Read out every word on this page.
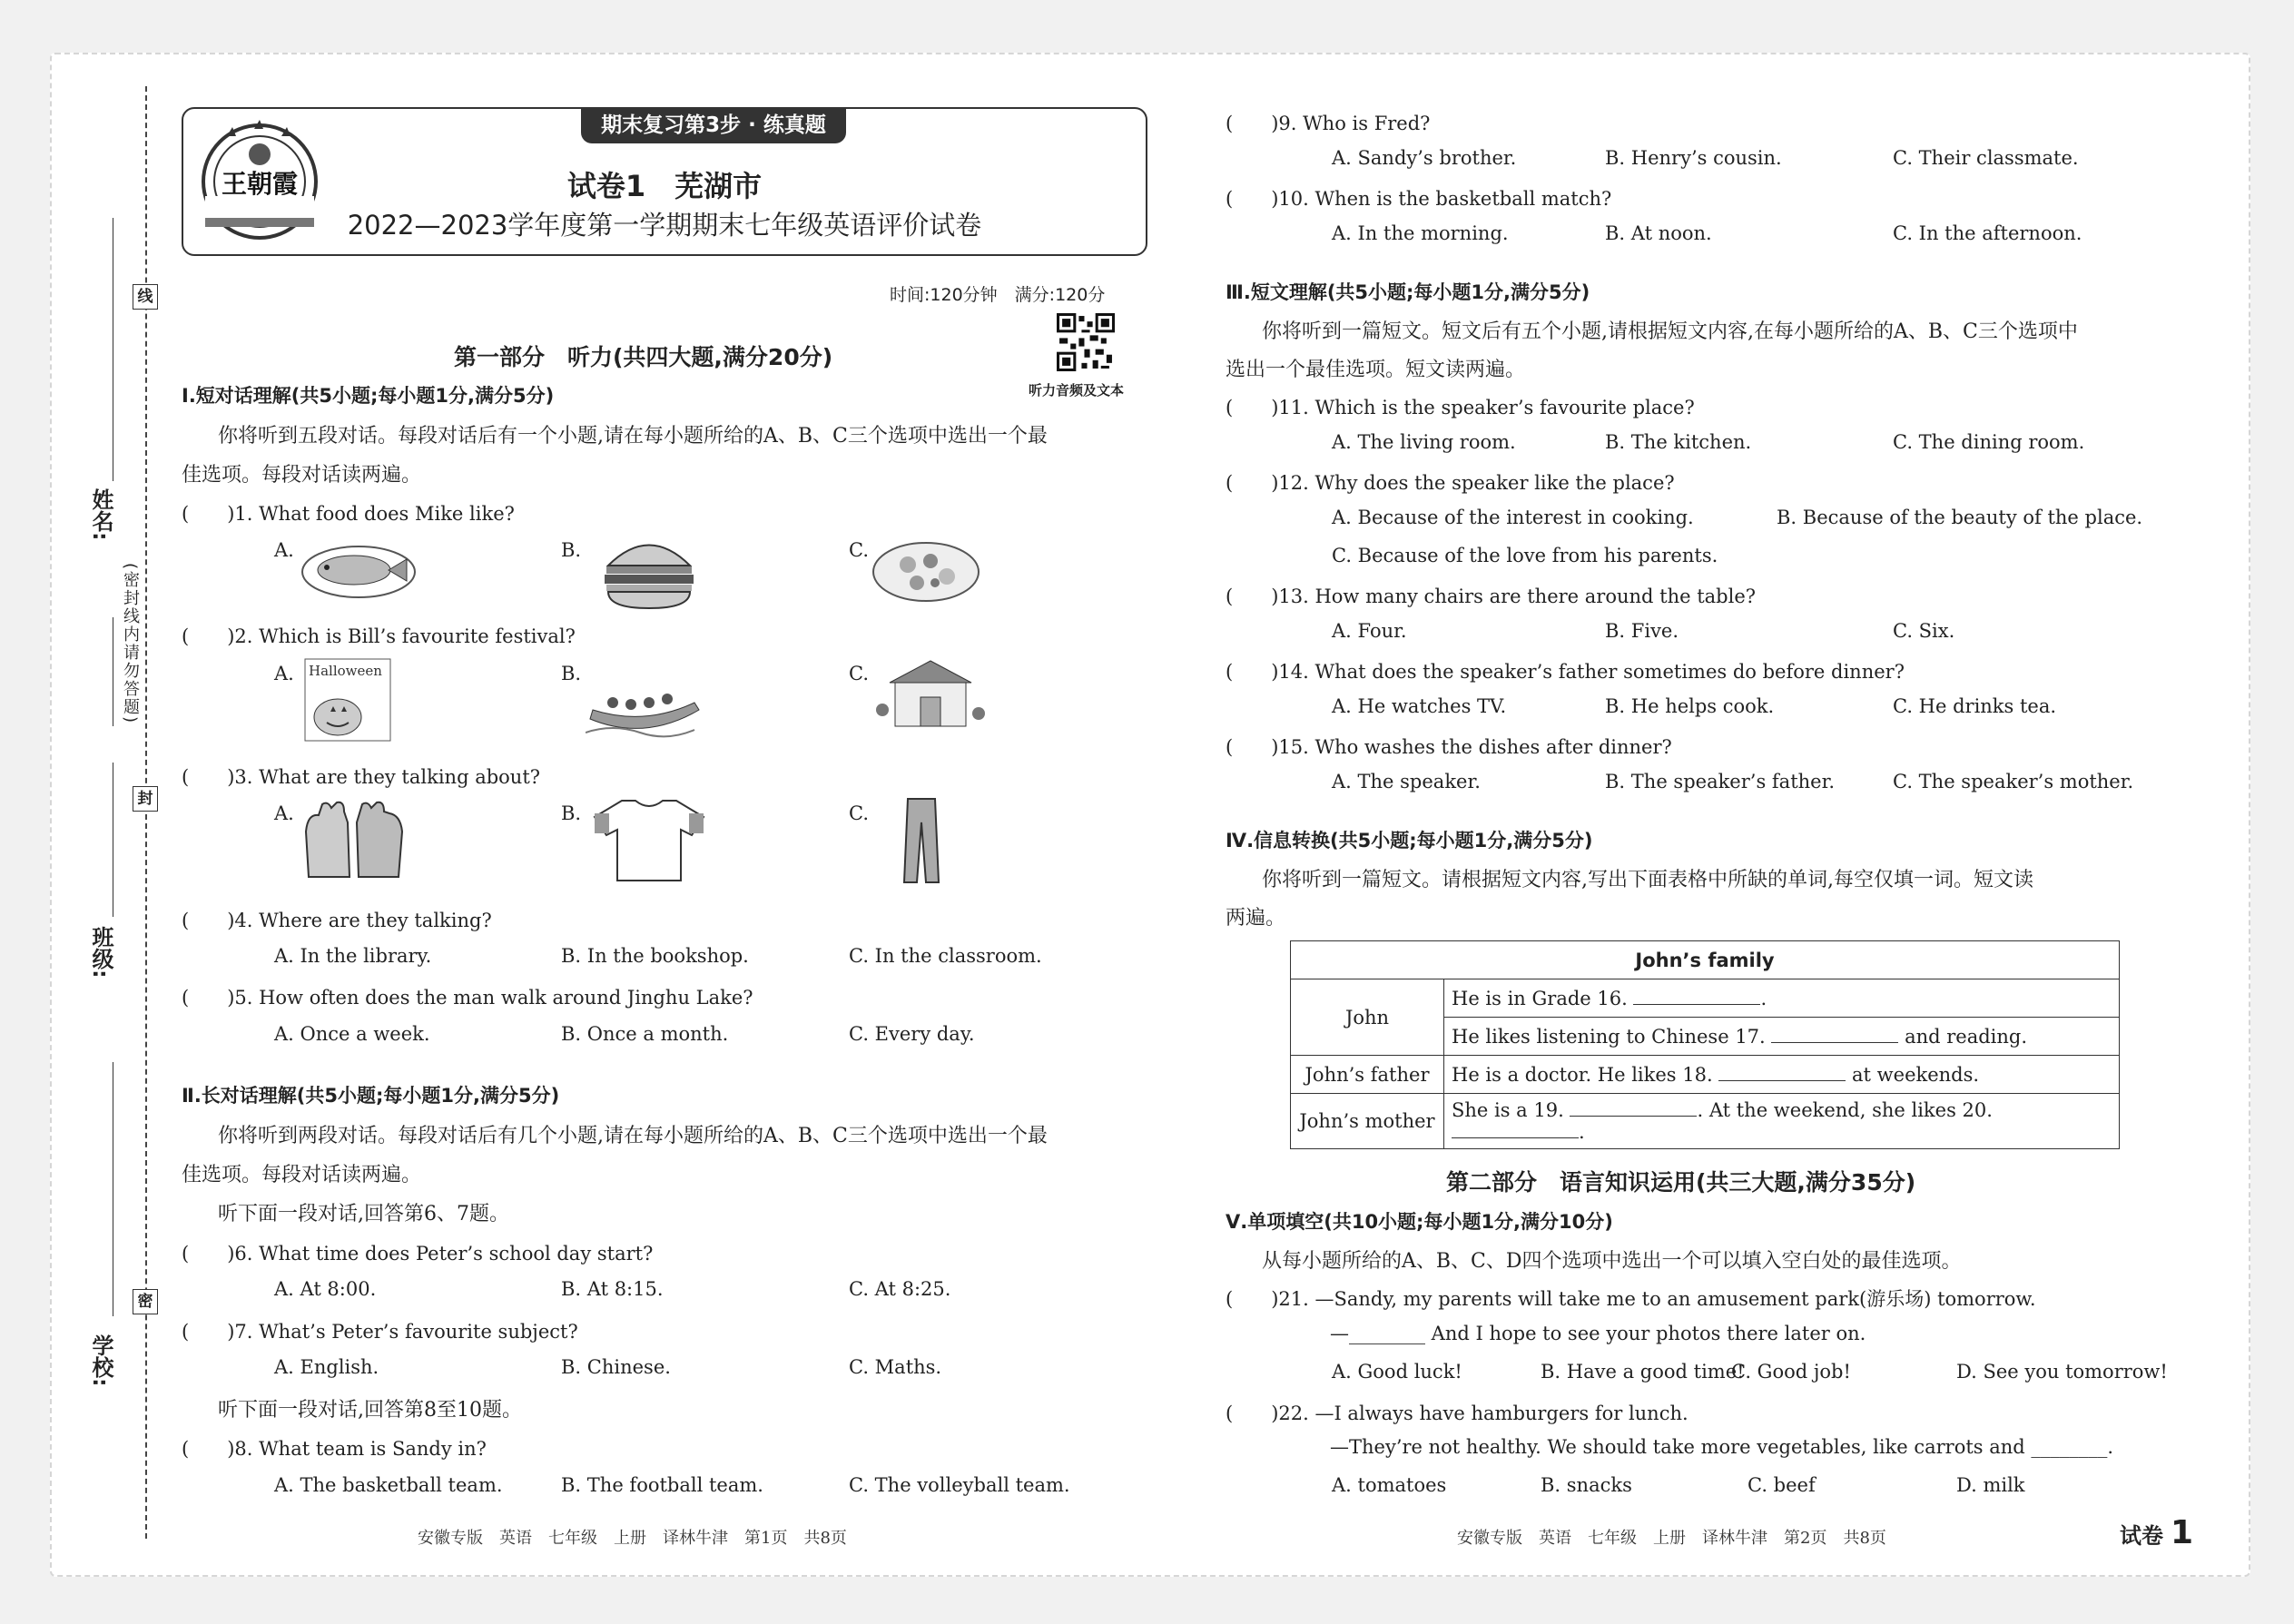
线
封
密
(密封线内请勿答题)
姓名:
班级:
学校:
期末复习第3步 · 练真题
王朝霞	试卷1　芜湖市
2022—2023学年度第一学期期末七年级英语评价试卷
时间:120分钟　满分:120分
听力音频及文本
第一部分　听力(共四大题,满分20分)
Ⅰ.短对话理解(共5小题;每小题1分,满分5分)
你将听到五段对话。每段对话后有一个小题,请在每小题所给的A、B、C三个选项中选出一个最
佳选项。每段对话读两遍。
(　　)1. What food does Mike like?
A.	B.	C.
(　　)2. Which is Bill’s favourite festival?
A. Halloween	B.	C.
(　　)3. What are they talking about?
A.	B.	C.
(　　)4. Where are they talking?
A. In the library.	B. In the bookshop.	C. In the classroom.
(　　)5. How often does the man walk around Jinghu Lake?
A. Once a week.	B. Once a month.	C. Every day.
Ⅱ.长对话理解(共5小题;每小题1分,满分5分)
你将听到两段对话。每段对话后有几个小题,请在每小题所给的A、B、C三个选项中选出一个最
佳选项。每段对话读两遍。
听下面一段对话,回答第6、7题。
(　　)6. What time does Peter’s school day start?
A. At 8:00.	B. At 8:15.	C. At 8:25.
(　　)7. What’s Peter’s favourite subject?
A. English.	B. Chinese.	C. Maths.
听下面一段对话,回答第8至10题。
(　　)8. What team is Sandy in?
A. The basketball team.	B. The football team.	C. The volleyball team.
安徽专版　英语　七年级　上册　译林牛津　第1页　共8页
(　　)9. Who is Fred?
A. Sandy’s brother.	B. Henry’s cousin.	C. Their classmate.
(　　)10. When is the basketball match?
A. In the morning.	B. At noon.	C. In the afternoon.
Ⅲ.短文理解(共5小题;每小题1分,满分5分)
你将听到一篇短文。短文后有五个小题,请根据短文内容,在每小题所给的A、B、C三个选项中
选出一个最佳选项。短文读两遍。
(　　)11. Which is the speaker’s favourite place?
A. The living room.	B. The kitchen.	C. The dining room.
(　　)12. Why does the speaker like the place?
A. Because of the interest in cooking.	B. Because of the beauty of the place.
C. Because of the love from his parents.
(　　)13. How many chairs are there around the table?
A. Four.	B. Five.	C. Six.
(　　)14. What does the speaker’s father sometimes do before dinner?
A. He watches TV.	B. He helps cook.	C. He drinks tea.
(　　)15. Who washes the dishes after dinner?
A. The speaker.	B. The speaker’s father.	C. The speaker’s mother.
Ⅳ.信息转换(共5小题;每小题1分,满分5分)
你将听到一篇短文。请根据短文内容,写出下面表格中所缺的单词,每空仅填一词。短文读
两遍。
John’s family	
John	He is in Grade 16. .
	He likes listening to Chinese 17. and reading.
John’s father	He is a doctor. He likes 18. at weekends.
John’s mother	She is a 19. . At the weekend, she likes 20. .
第二部分　语言知识运用(共三大题,满分35分)
Ⅴ.单项填空(共10小题;每小题1分,满分10分)
从每小题所给的A、B、C、D四个选项中选出一个可以填入空白处的最佳选项。
(　　)21. —Sandy, my parents will take me to an amusement park(游乐场) tomorrow.
—________ And I hope to see your photos there later on.
A. Good luck!	B. Have a good time!
C. Good job!	D. See you tomorrow!
(　　)22. —I always have hamburgers for lunch.
—They’re not healthy. We should take more vegetables, like carrots and ________.
A. tomatoes	B. snacks	C. beef	D. milk
安徽专版　英语　七年级　上册　译林牛津　第2页　共8页	试卷 1
